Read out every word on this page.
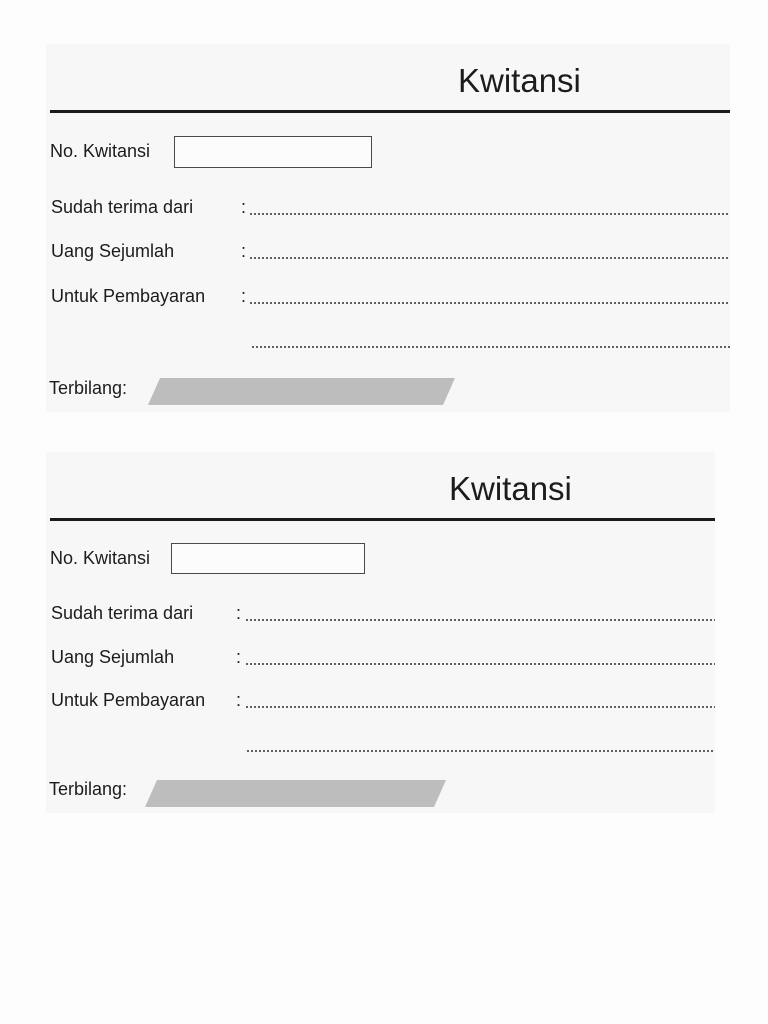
Kwitansi
No. Kwitansi
Sudah terima dari	:
Uang Sejumlah	:
Untuk Pembayaran :
Terbilang:
Kwitansi
No. Kwitansi
Sudah terima dari :
Uang Sejumlah	:
Untuk Pembayaran :
Terbilang:
